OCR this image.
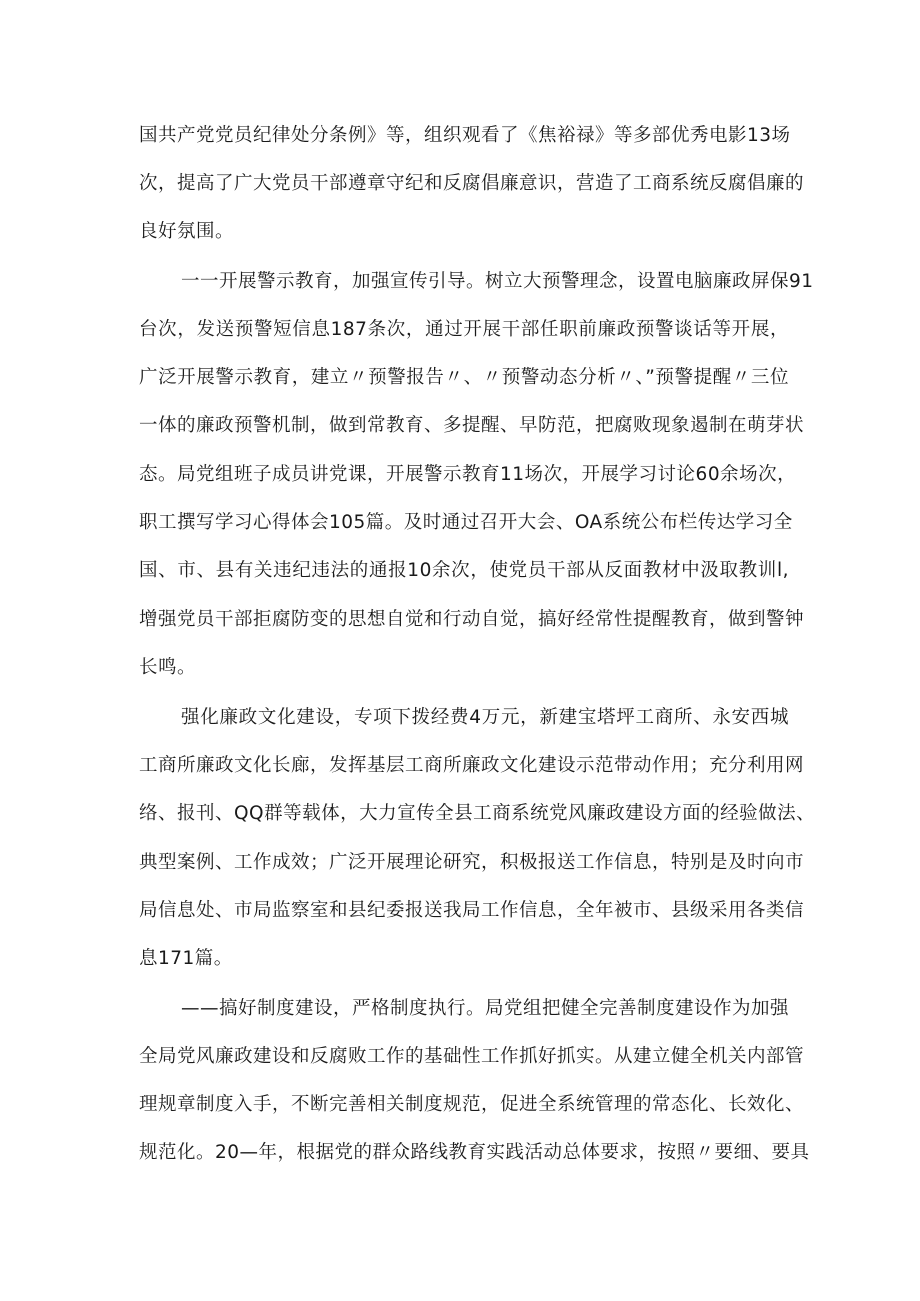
国共产党党员纪律处分条例》等，组织观看了《焦裕禄》等多部优秀电影13场
次，提高了广大党员干部遵章守纪和反腐倡廉意识，营造了工商系统反腐倡廉的
良好氛围。
一一开展警示教育，加强宣传引导。树立大预警理念，设置电脑廉政屏保91
台次，发送预警短信息187条次，通过开展干部任职前廉政预警谈话等开展，
广泛开展警示教育，建立〃预警报告〃、〃预警动态分析〃、”预警提醒〃三位
一体的廉政预警机制，做到常教育、多提醒、早防范，把腐败现象遏制在萌芽状
态。局党组班子成员讲党课，开展警示教育11场次，开展学习讨论60余场次，
职工撰写学习心得体会105篇。及时通过召开大会、OA系统公布栏传达学习全
国、市、县有关违纪违法的通报10余次，使党员干部从反面教材中汲取教训l,
增强党员干部拒腐防变的思想自觉和行动自觉，搞好经常性提醒教育，做到警钟
长鸣。
强化廉政文化建设，专项下拨经费4万元，新建宝塔坪工商所、永安西城
工商所廉政文化长廊，发挥基层工商所廉政文化建设示范带动作用；充分利用网
络、报刊、QQ群等载体，大力宣传全县工商系统党风廉政建设方面的经验做法、
典型案例、工作成效；广泛开展理论研究，积极报送工作信息，特别是及时向市
局信息处、市局监察室和县纪委报送我局工作信息，全年被市、县级采用各类信
息171篇。
——搞好制度建设，严格制度执行。局党组把健全完善制度建设作为加强
全局党风廉政建设和反腐败工作的基础性工作抓好抓实。从建立健全机关内部管
理规章制度入手，不断完善相关制度规范，促进全系统管理的常态化、长效化、
规范化。20—年，根据党的群众路线教育实践活动总体要求，按照〃要细、要具
